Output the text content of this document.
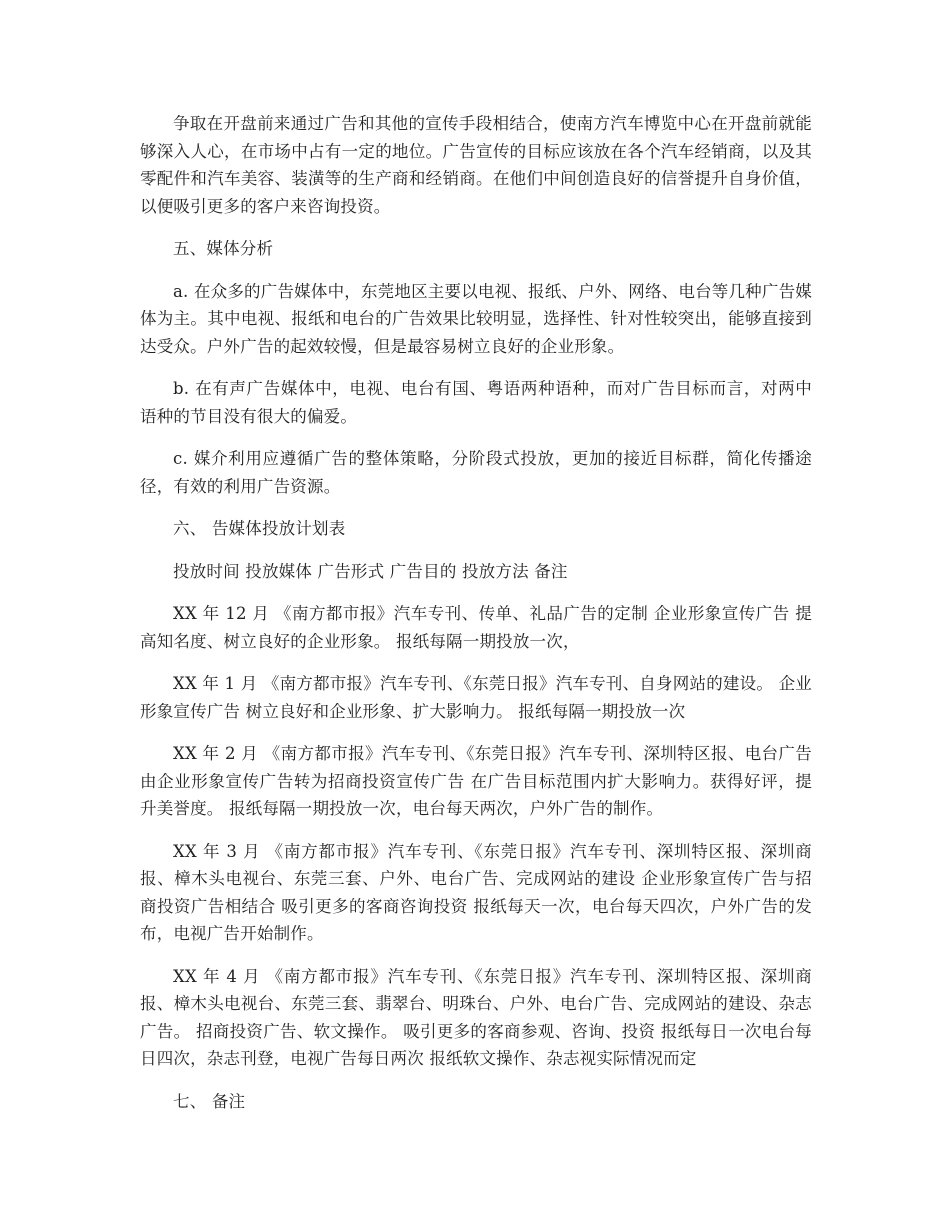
争取在开盘前来通过广告和其他的宣传手段相结合，使南方汽车博览中心在开盘前就能够深入人心，在市场中占有一定的地位。广告宣传的目标应该放在各个汽车经销商，以及其零配件和汽车美容、装潢等的生产商和经销商。在他们中间创造良好的信誉提升自身价值，以便吸引更多的客户来咨询投资。

五、媒体分析

a. 在众多的广告媒体中，东莞地区主要以电视、报纸、户外、网络、电台等几种广告媒体为主。其中电视、报纸和电台的广告效果比较明显，选择性、针对性较突出，能够直接到达受众。户外广告的起效较慢，但是最容易树立良好的企业形象。

b. 在有声广告媒体中，电视、电台有国、粤语两种语种，而对广告目标而言，对两中语种的节目没有很大的偏爱。

c. 媒介利用应遵循广告的整体策略，分阶段式投放，更加的接近目标群，简化传播途径，有效的利用广告资源。

六、 告媒体投放计划表

投放时间 投放媒体 广告形式 广告目的 投放方法 备注

XX 年 12 月 《南方都市报》汽车专刊、传单、礼品广告的定制 企业形象宣传广告 提高知名度、树立良好的企业形象。 报纸每隔一期投放一次，

XX 年 1 月 《南方都市报》汽车专刊、《东莞日报》汽车专刊、自身网站的建设。 企业形象宣传广告 树立良好和企业形象、扩大影响力。 报纸每隔一期投放一次

XX 年 2 月 《南方都市报》汽车专刊、《东莞日报》汽车专刊、深圳特区报、电台广告 由企业形象宣传广告转为招商投资宣传广告 在广告目标范围内扩大影响力。获得好评，提升美誉度。 报纸每隔一期投放一次，电台每天两次，户外广告的制作。

XX 年 3 月 《南方都市报》汽车专刊、《东莞日报》汽车专刊、深圳特区报、深圳商报、樟木头电视台、东莞三套、户外、电台广告、完成网站的建设 企业形象宣传广告与招商投资广告相结合 吸引更多的客商咨询投资 报纸每天一次，电台每天四次，户外广告的发布，电视广告开始制作。

XX 年 4 月 《南方都市报》汽车专刊、《东莞日报》汽车专刊、深圳特区报、深圳商报、樟木头电视台、东莞三套、翡翠台、明珠台、户外、电台广告、完成网站的建设、杂志广告。 招商投资广告、软文操作。 吸引更多的客商参观、咨询、投资 报纸每日一次电台每日四次，杂志刊登，电视广告每日两次 报纸软文操作、杂志视实际情况而定

七、 备注
